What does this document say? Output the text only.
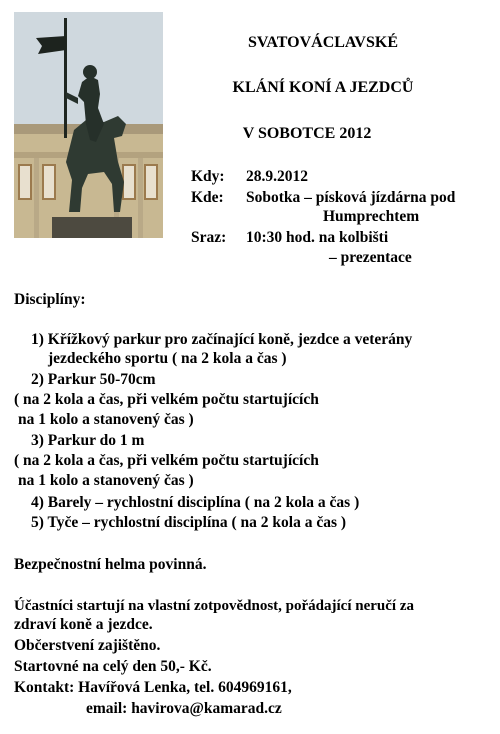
SVATOVÁCLAVSKÉ
KLÁNÍ KONÍ A JEZDCŮ
V SOBOTCE 2012
Kdy: 28.9.2012
Kde: Sobotka – písková jízdárna pod
Humprechtem
Sraz: 10:30 hod. na kolbišti
– prezentace
Disciplíny:
1) Křížkový parkur pro začínající koně, jezdce a veterány
jezdeckého sportu ( na 2 kola a čas )
2) Parkur 50-70cm
( na 2 kola a čas, při velkém počtu startujících
na 1 kolo a stanovený čas )
3) Parkur do 1 m
( na 2 kola a čas, při velkém počtu startujících
na 1 kolo a stanovený čas )
4) Barely – rychlostní disciplína ( na 2 kola a čas )
5) Tyče – rychlostní disciplína ( na 2 kola a čas )
Bezpečnostní helma povinná.
Účastníci startují na vlastní zotpovědnost, pořádající neručí za
zdraví koně a jezdce.
Občerstvení zajištěno.
Startovné na celý den 50,- Kč.
Kontakt: Havířová Lenka, tel. 604969161,
email: havirova@kamarad.cz
